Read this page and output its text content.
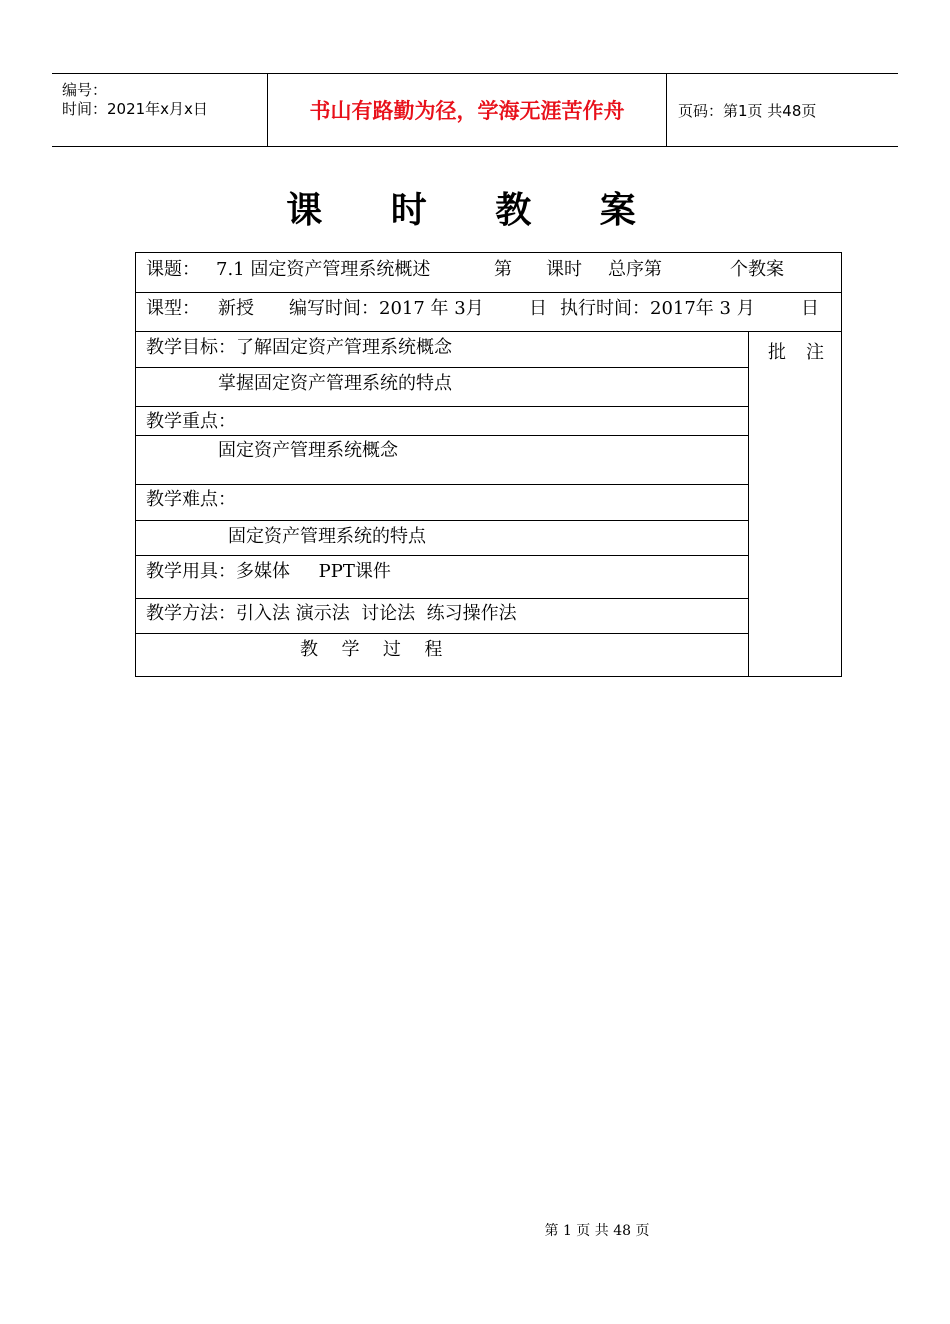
编号：
时间：2021年x月x日	书山有路勤为径，学海无涯苦作舟	页码：第1页 共48页
课 时 教 案
课题： 7.1 固定资产管理系统概述	第 课时 总序第	个教案
课型： 新授 编写时间：2017 年 3月	日 执行时间：2017年 3 月	日
教学目标：了解固定资产管理系统概念
掌握固定资产管理系统的特点
教学重点：
固定资产管理系统概念
教学难点：
固定资产管理系统的特点
教学用具：多媒体     PPT课件
教学方法：引入法 演示法  讨论法  练习操作法
教  学  过  程
批注
第 1 页 共 48 页
